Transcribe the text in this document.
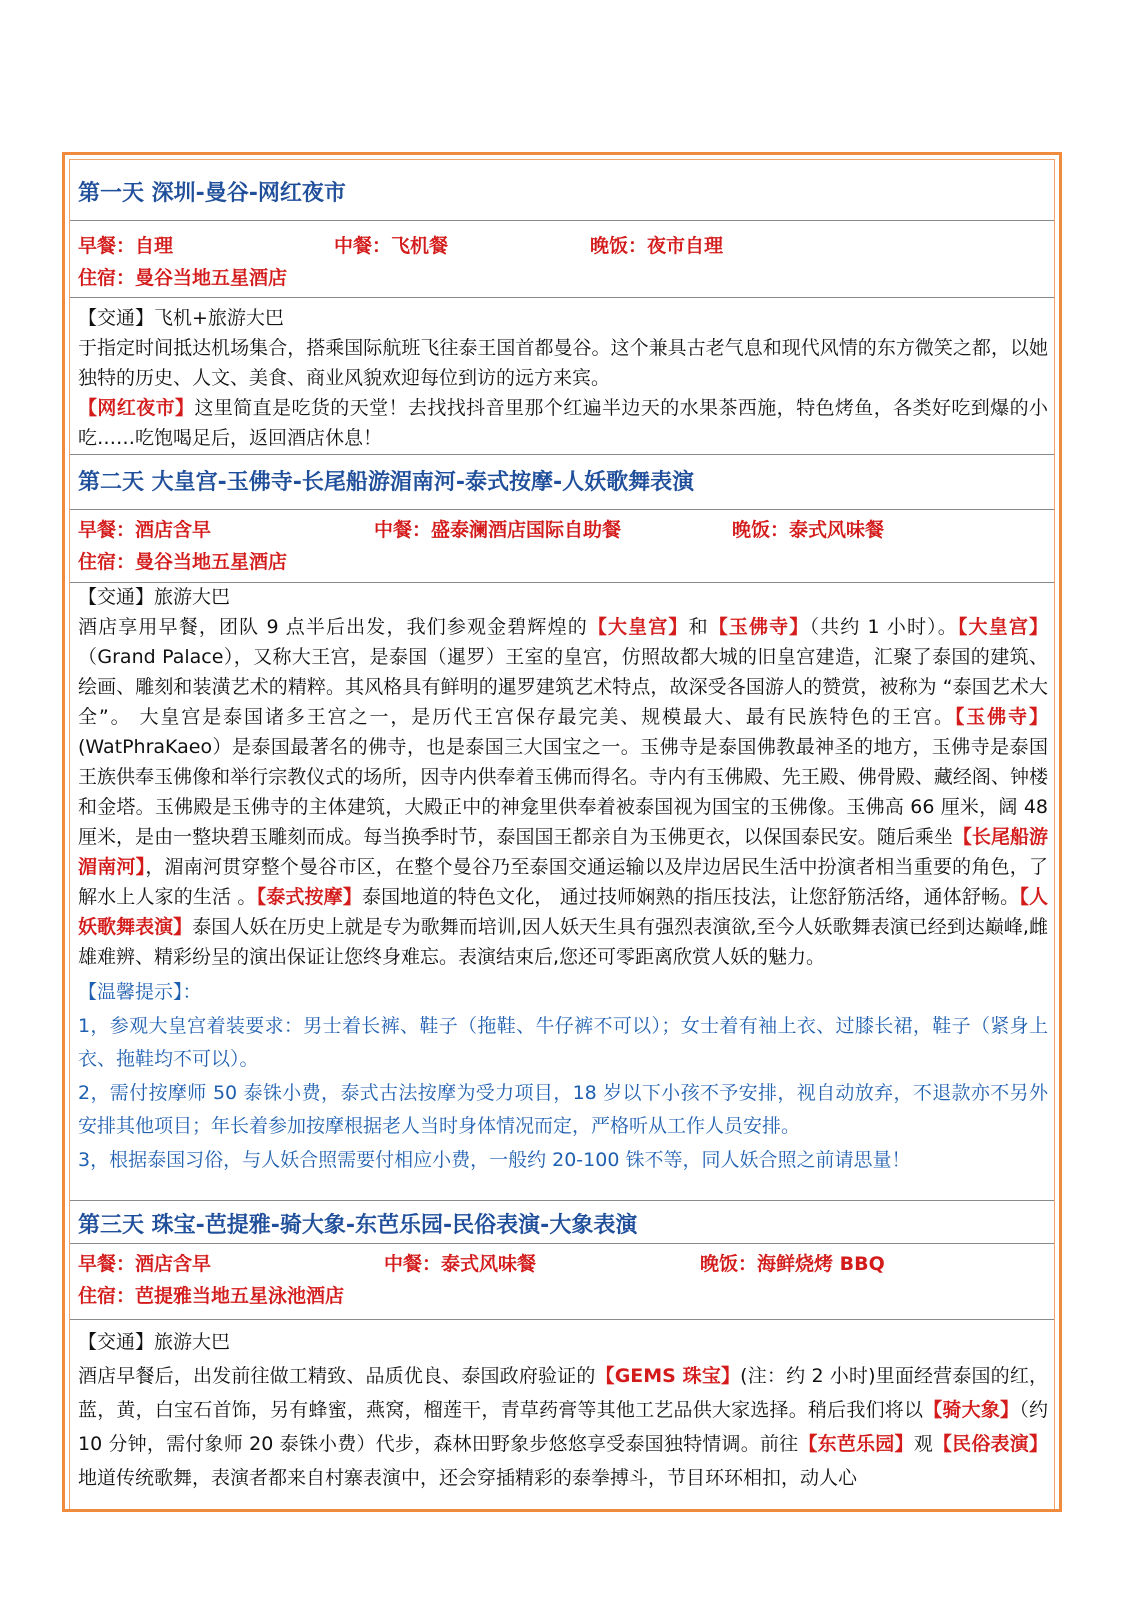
第一天 深圳-曼谷-网红夜市
早餐：自理	中餐：飞机餐	晚饭：夜市自理
住宿：曼谷当地五星酒店

【交通】飞机+旅游大巴

于指定时间抵达机场集合，搭乘国际航班飞往泰王国首都曼谷。这个兼具古老气息和现代风情的东方微笑之都，以她独特的历史、人文、美食、商业风貌欢迎每位到访的远方来宾。

【网红夜市】这里简直是吃货的天堂！去找找抖音里那个红遍半边天的水果茶西施，特色烤鱼，各类好吃到爆的小吃……吃饱喝足后，返回酒店休息！

第二天 大皇宫-玉佛寺-长尾船游湄南河-泰式按摩-人妖歌舞表演
早餐：酒店含早	中餐：盛泰澜酒店国际自助餐	晚饭：泰式风味餐
住宿：曼谷当地五星酒店

【交通】旅游大巴

酒店享用早餐，团队 9 点半后出发，我们参观金碧辉煌的【大皇宫】和【玉佛寺】（共约 1 小时）。【大皇宫】（Grand Palace），又称大王宫，是泰国（暹罗）王室的皇宫，仿照故都大城的旧皇宫建造，汇聚了泰国的建筑、绘画、雕刻和装潢艺术的精粹。其风格具有鲜明的暹罗建筑艺术特点，故深受各国游人的赞赏，被称为 “泰国艺术大全”。 大皇宫是泰国诸多王宫之一，是历代王宫保存最完美、规模最大、最有民族特色的王宫。【玉佛寺】(WatPhraKaeo）是泰国最著名的佛寺，也是泰国三大国宝之一。玉佛寺是泰国佛教最神圣的地方，玉佛寺是泰国王族供奉玉佛像和举行宗教仪式的场所，因寺内供奉着玉佛而得名。寺内有玉佛殿、先王殿、佛骨殿、藏经阁、钟楼和金塔。玉佛殿是玉佛寺的主体建筑，大殿正中的神龛里供奉着被泰国视为国宝的玉佛像。玉佛高 66 厘米，阔 48 厘米，是由一整块碧玉雕刻而成。每当换季时节，泰国国王都亲自为玉佛更衣，以保国泰民安。随后乘坐【长尾船游湄南河】，湄南河贯穿整个曼谷市区，在整个曼谷乃至泰国交通运输以及岸边居民生活中扮演者相当重要的角色，了解水上人家的生活 。【泰式按摩】泰国地道的特色文化， 通过技师娴熟的指压技法，让您舒筋活络，通体舒畅。【人妖歌舞表演】泰国人妖在历史上就是专为歌舞而培训,因人妖天生具有强烈表演欲,至今人妖歌舞表演已经到达巅峰,雌雄难辨、精彩纷呈的演出保证让您终身难忘。表演结束后,您还可零距离欣赏人妖的魅力。

【温馨提示】：

1，参观大皇宫着装要求：男士着长裤、鞋子（拖鞋、牛仔裤不可以）；女士着有袖上衣、过膝长裙，鞋子（紧身上衣、拖鞋均不可以）。

2，需付按摩师 50 泰铢小费，泰式古法按摩为受力项目，18 岁以下小孩不予安排，视自动放弃，不退款亦不另外安排其他项目；年长着参加按摩根据老人当时身体情况而定，严格听从工作人员安排。

3，根据泰国习俗，与人妖合照需要付相应小费，一般约 20-100 铢不等，同人妖合照之前请思量！

第三天 珠宝-芭提雅-骑大象-东芭乐园-民俗表演-大象表演
早餐：酒店含早	中餐：泰式风味餐	晚饭：海鲜烧烤 BBQ
住宿：芭提雅当地五星泳池酒店

【交通】旅游大巴

酒店早餐后，出发前往做工精致、品质优良、泰国政府验证的【GEMS 珠宝】(注：约 2 小时)里面经营泰国的红，蓝，黄，白宝石首饰，另有蜂蜜，燕窝，榴莲干，青草药膏等其他工艺品供大家选择。稍后我们将以【骑大象】（约 10 分钟，需付象师 20 泰铢小费）代步，森林田野象步悠悠享受泰国独特情调。前往【东芭乐园】观【民俗表演】地道传统歌舞，表演者都来自村寨表演中，还会穿插精彩的泰拳搏斗，节目环环相扣，动人心
